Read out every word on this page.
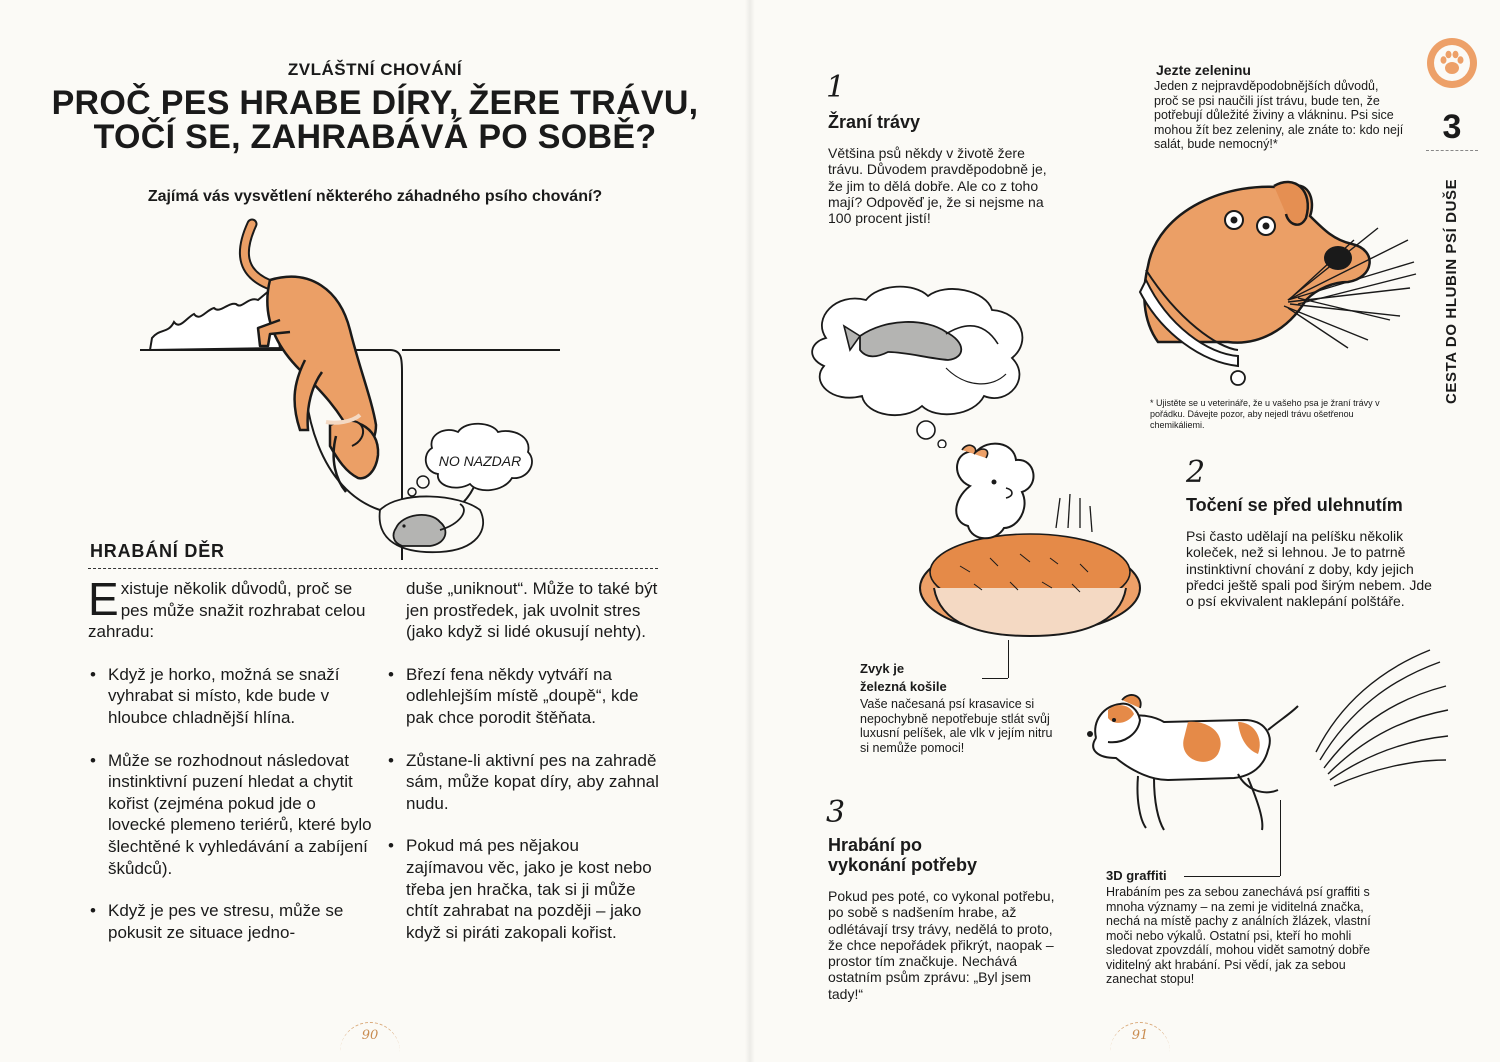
ZVLÁŠTNÍ CHOVÁNÍ
PROČ PES HRABE DÍRY, ŽERE TRÁVU,
TOČÍ SE, ZAHRABÁVÁ PO SOBĚ?
Zajímá vás vysvětlení některého záhadného psího chování?
NO NAZDAR
HRABÁNÍ DĚR

Existuje několik důvodů, proč se pes může snažit rozhrabat celou zahradu:

• Když je horko, možná se snaží vyhrabat si místo, kde bude v hloubce chladnější hlína.
• Může se rozhodnout následovat instinktivní puzení hledat a chytit kořist (zejména pokud jde o lovecké plemeno teriérů, které bylo šlechtěné k vyhledávání a zabíjení škůdců).
• Když je pes ve stresu, může se pokusit ze situace jedno-

duše „uniknout“. Může to také být jen prostředek, jak uvolnit stres (jako když si lidé okusují nehty).

• Březí fena někdy vytváří na odlehlejším místě „doupě“, kde pak chce porodit štěňata.
• Zůstane-li aktivní pes na zahradě sám, může kopat díry, aby zahnal nudu.
• Pokud má pes nějakou zajímavou věc, jako je kost nebo třeba jen hračka, tak si ji může chtít zahrabat na později – jako když si piráti zakopali kořist.
90
1
Žraní trávy
Většina psů někdy v životě žere trávu. Důvodem pravděpodobně je, že jim to dělá dobře. Ale co z toho mají? Odpověď je, že si nejsme na 100 procent jistí!
Jezte zeleninu
Jeden z nejpravděpodobnějších důvodů, proč se psi naučili jíst trávu, bude ten, že potřebují důležité živiny a vlákninu. Psi sice mohou žít bez zeleniny, ale znáte to: kdo nejí salát, bude nemocný!*
* Ujistěte se u veterináře, že u vašeho psa je žraní trávy v pořádku. Dávejte pozor, aby nejedl trávu ošetřenou chemikáliemi.
Zvyk je
železná košile
Vaše načesaná psí krasavice si nepochybně nepotřebuje stlát svůj luxusní pelíšek, ale vlk v jejím nitru si nemůže pomoci!
2
Točení se před ulehnutím
Psi často udělají na pelíšku několik koleček, než si lehnou. Je to patrně instinktivní chování z doby, kdy jejich předci ještě spali pod širým nebem. Jde o psí ekvivalent naklepání polštáře.
3
Hrabání po
vykonání potřeby
Pokud pes poté, co vykonal potřebu, po sobě s nadšením hrabe, až odlétávají trsy trávy, nedělá to proto, že chce nepořádek přikrýt, naopak – prostor tím značkuje. Nechává ostatním psům zprávu: „Byl jsem tady!“
3D graffiti
Hrabáním pes za sebou zanechává psí graffiti s mnoha významy – na zemi je viditelná značka, nechá na místě pachy z análních žlázek, vlastní moči nebo výkalů. Ostatní psi, kteří ho mohli sledovat zpovzdálí, mohou vidět samotný dobře viditelný akt hrabání. Psi vědí, jak za sebou zanechat stopu!
3
CESTA DO HLUBIN PSÍ DUŠE
91
